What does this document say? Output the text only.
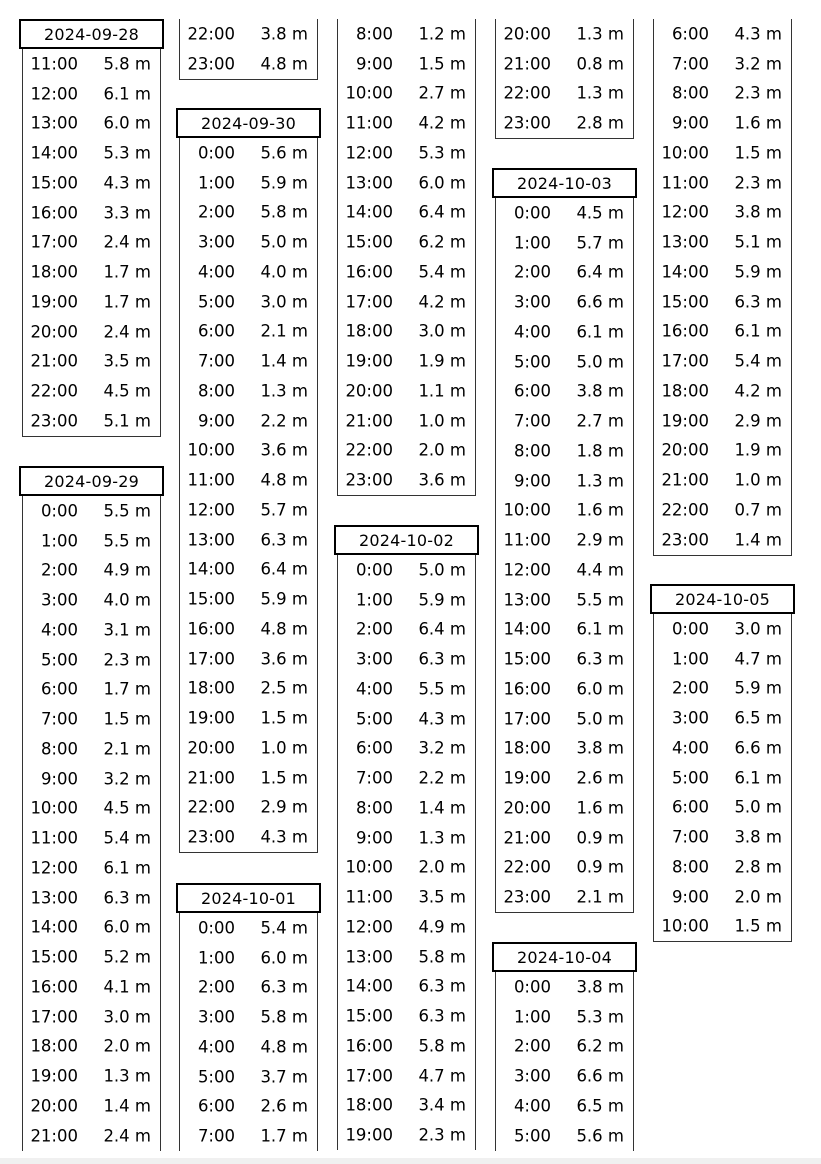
2024-09-28
11:00 5.8 m
12:00 6.1 m
13:00 6.0 m
14:00 5.3 m
15:00 4.3 m
16:00 3.3 m
17:00 2.4 m
18:00 1.7 m
19:00 1.7 m
20:00 2.4 m
21:00 3.5 m
22:00 4.5 m
23:00 5.1 m
2024-09-29
0:00 5.5 m
1:00 5.5 m
2:00 4.9 m
3:00 4.0 m
4:00 3.1 m
5:00 2.3 m
6:00 1.7 m
7:00 1.5 m
8:00 2.1 m
9:00 3.2 m
10:00 4.5 m
11:00 5.4 m
12:00 6.1 m
13:00 6.3 m
14:00 6.0 m
15:00 5.2 m
16:00 4.1 m
17:00 3.0 m
18:00 2.0 m
19:00 1.3 m
20:00 1.4 m
21:00 2.4 m
22:00 3.8 m
23:00 4.8 m
2024-09-30
0:00 5.6 m
1:00 5.9 m
2:00 5.8 m
3:00 5.0 m
4:00 4.0 m
5:00 3.0 m
6:00 2.1 m
7:00 1.4 m
8:00 1.3 m
9:00 2.2 m
10:00 3.6 m
11:00 4.8 m
12:00 5.7 m
13:00 6.3 m
14:00 6.4 m
15:00 5.9 m
16:00 4.8 m
17:00 3.6 m
18:00 2.5 m
19:00 1.5 m
20:00 1.0 m
21:00 1.5 m
22:00 2.9 m
23:00 4.3 m
2024-10-01
0:00 5.4 m
1:00 6.0 m
2:00 6.3 m
3:00 5.8 m
4:00 4.8 m
5:00 3.7 m
6:00 2.6 m
7:00 1.7 m
8:00 1.2 m
9:00 1.5 m
10:00 2.7 m
11:00 4.2 m
12:00 5.3 m
13:00 6.0 m
14:00 6.4 m
15:00 6.2 m
16:00 5.4 m
17:00 4.2 m
18:00 3.0 m
19:00 1.9 m
20:00 1.1 m
21:00 1.0 m
22:00 2.0 m
23:00 3.6 m
2024-10-02
0:00 5.0 m
1:00 5.9 m
2:00 6.4 m
3:00 6.3 m
4:00 5.5 m
5:00 4.3 m
6:00 3.2 m
7:00 2.2 m
8:00 1.4 m
9:00 1.3 m
10:00 2.0 m
11:00 3.5 m
12:00 4.9 m
13:00 5.8 m
14:00 6.3 m
15:00 6.3 m
16:00 5.8 m
17:00 4.7 m
18:00 3.4 m
19:00 2.3 m
20:00 1.3 m
21:00 0.8 m
22:00 1.3 m
23:00 2.8 m
2024-10-03
0:00 4.5 m
1:00 5.7 m
2:00 6.4 m
3:00 6.6 m
4:00 6.1 m
5:00 5.0 m
6:00 3.8 m
7:00 2.7 m
8:00 1.8 m
9:00 1.3 m
10:00 1.6 m
11:00 2.9 m
12:00 4.4 m
13:00 5.5 m
14:00 6.1 m
15:00 6.3 m
16:00 6.0 m
17:00 5.0 m
18:00 3.8 m
19:00 2.6 m
20:00 1.6 m
21:00 0.9 m
22:00 0.9 m
23:00 2.1 m
2024-10-04
0:00 3.8 m
1:00 5.3 m
2:00 6.2 m
3:00 6.6 m
4:00 6.5 m
5:00 5.6 m
6:00 4.3 m
7:00 3.2 m
8:00 2.3 m
9:00 1.6 m
10:00 1.5 m
11:00 2.3 m
12:00 3.8 m
13:00 5.1 m
14:00 5.9 m
15:00 6.3 m
16:00 6.1 m
17:00 5.4 m
18:00 4.2 m
19:00 2.9 m
20:00 1.9 m
21:00 1.0 m
22:00 0.7 m
23:00 1.4 m
2024-10-05
0:00 3.0 m
1:00 4.7 m
2:00 5.9 m
3:00 6.5 m
4:00 6.6 m
5:00 6.1 m
6:00 5.0 m
7:00 3.8 m
8:00 2.8 m
9:00 2.0 m
10:00 1.5 m
